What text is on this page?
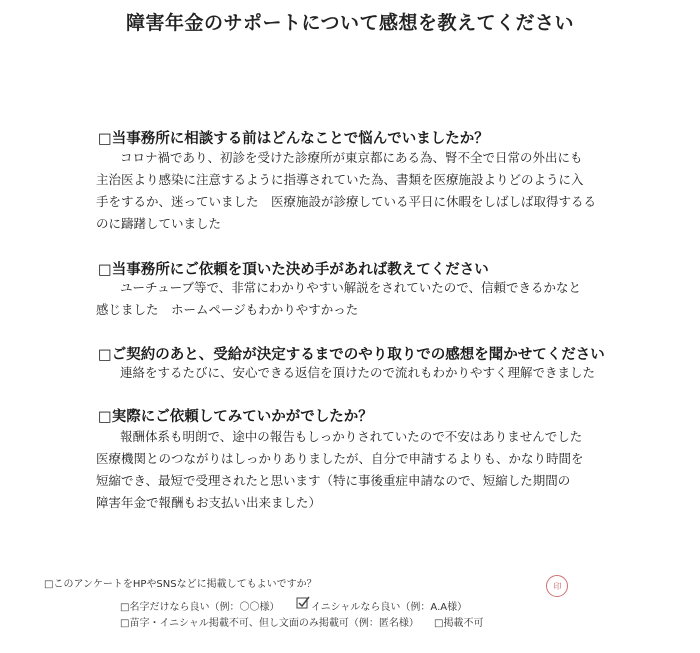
障害年金のサポートについて感想を教えてください
□当事務所に相談する前はどんなことで悩んでいましたか？
コロナ禍であり、初診を受けた診療所が東京都にある為、腎不全で日常の外出にも
主治医より感染に注意するように指導されていた為、書類を医療施設よりどのように入
手をするか、迷っていました　医療施設が診療している平日に休暇をしばしば取得するる
のに躊躇していました
□当事務所にご依頼を頂いた決め手があれば教えてください
ユーチューブ等で、非常にわかりやすい解説をされていたので、信頼できるかなと
感じました　ホームページもわかりやすかった
□ご契約のあと、受給が決定するまでのやり取りでの感想を聞かせてください
連絡をするたびに、安心できる返信を頂けたので流れもわかりやすく理解できました
□実際にご依頼してみていかがでしたか？
報酬体系も明朗で、途中の報告もしっかりされていたので不安はありませんでした
医療機関とのつながりはしっかりありましたが、自分で申請するよりも、かなり時間を
短縮でき、最短で受理されたと思います（特に事後重症申請なので、短縮した期間の
障害年金で報酬もお支払い出来ました）
□このアンケートをHPやSNSなどに掲載してもよいですか？
□名字だけなら良い（例：〇〇様）	イニシャルなら良い（例：A.A様）
□苗字・イニシャル掲載不可、但し文面のみ掲載可（例：匿名様） □掲載不可
印
